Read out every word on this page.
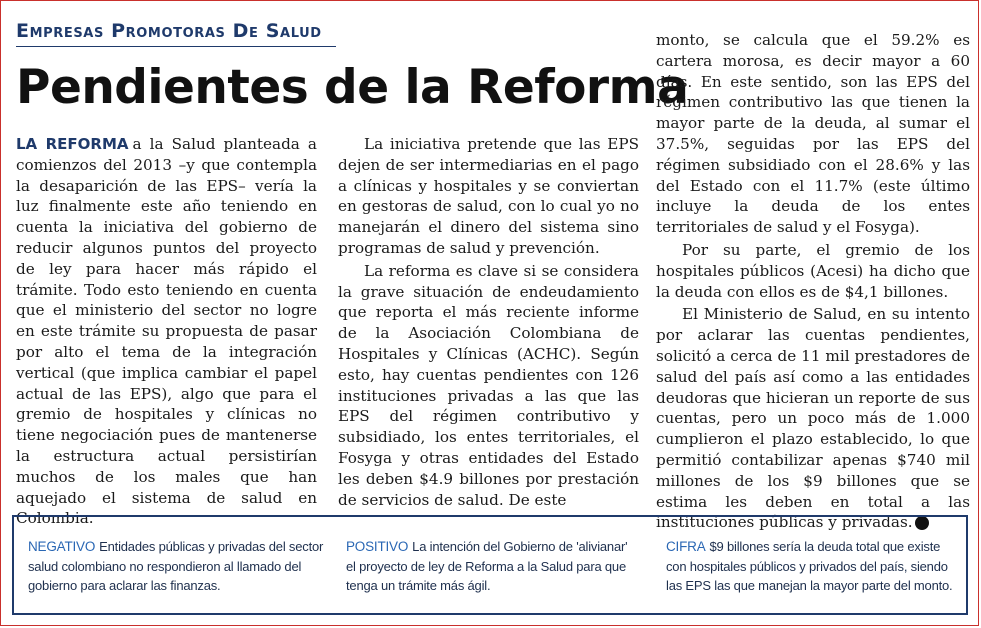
Empresas Promotoras De Salud
Pendientes de la Reforma

LA REFORMA a la Salud planteada a comienzos del 2013 –y que contempla la desaparición de las EPS– vería la luz finalmente este año teniendo en cuenta la iniciativa del gobierno de reducir algunos puntos del proyecto de ley para hacer más rápido el trámite. Todo esto teniendo en cuenta que el ministerio del sector no logre en este trámite su propuesta de pasar por alto el tema de la integración vertical (que implica cambiar el papel actual de las EPS), algo que para el gremio de hospitales y clínicas no tiene negociación pues de mantenerse la estructura actual persistirían muchos de los males que han aquejado el sistema de salud en Colombia.

La iniciativa pretende que las EPS dejen de ser intermediarias en el pago a clínicas y hospitales y se conviertan en gestoras de salud, con lo cual yo no manejarán el dinero del sistema sino programas de salud y prevención.

La reforma es clave si se considera la grave situación de endeudamiento que reporta el más reciente informe de la Asociación Colombiana de Hospitales y Clínicas (ACHC). Según esto, hay cuentas pendientes con 126 instituciones privadas a las que las EPS del régimen contributivo y subsidiado, los entes territoriales, el Fosyga y otras entidades del Estado les deben $4.9 billones por prestación de servicios de salud. De este

monto, se calcula que el 59.2% es cartera morosa, es decir mayor a 60 días. En este sentido, son las EPS del régimen contributivo las que tienen la mayor parte de la deuda, al sumar el 37.5%, seguidas por las EPS del régimen subsidiado con el 28.6% y las del Estado con el 11.7% (este último incluye la deuda de los entes territoriales de salud y el Fosyga).

Por su parte, el gremio de los hospitales públicos (Acesi) ha dicho que la deuda con ellos es de $4,1 billones.

El Ministerio de Salud, en su intento por aclarar las cuentas pendientes, solicitó a cerca de 11 mil prestadores de salud del país así como a las entidades deudoras que hicieran un reporte de sus cuentas, pero un poco más de 1.000 cumplieron el plazo establecido, lo que permitió contabilizar apenas $740 mil millones de los $9 billones que se estima les deben en total a las instituciones públicas y privadas.	G

NEGATIVO Entidades públicas y privadas del sector salud colombiano no respondieron al llamado del gobierno para aclarar las finanzas.
POSITIVO La intención del Gobierno de 'alivianar' el proyecto de ley de Reforma a la Salud para que tenga un trámite más ágil.
CIFRA $9 billones sería la deuda total que existe con hospitales públicos y privados del país, siendo las EPS las que manejan la mayor parte del monto.
